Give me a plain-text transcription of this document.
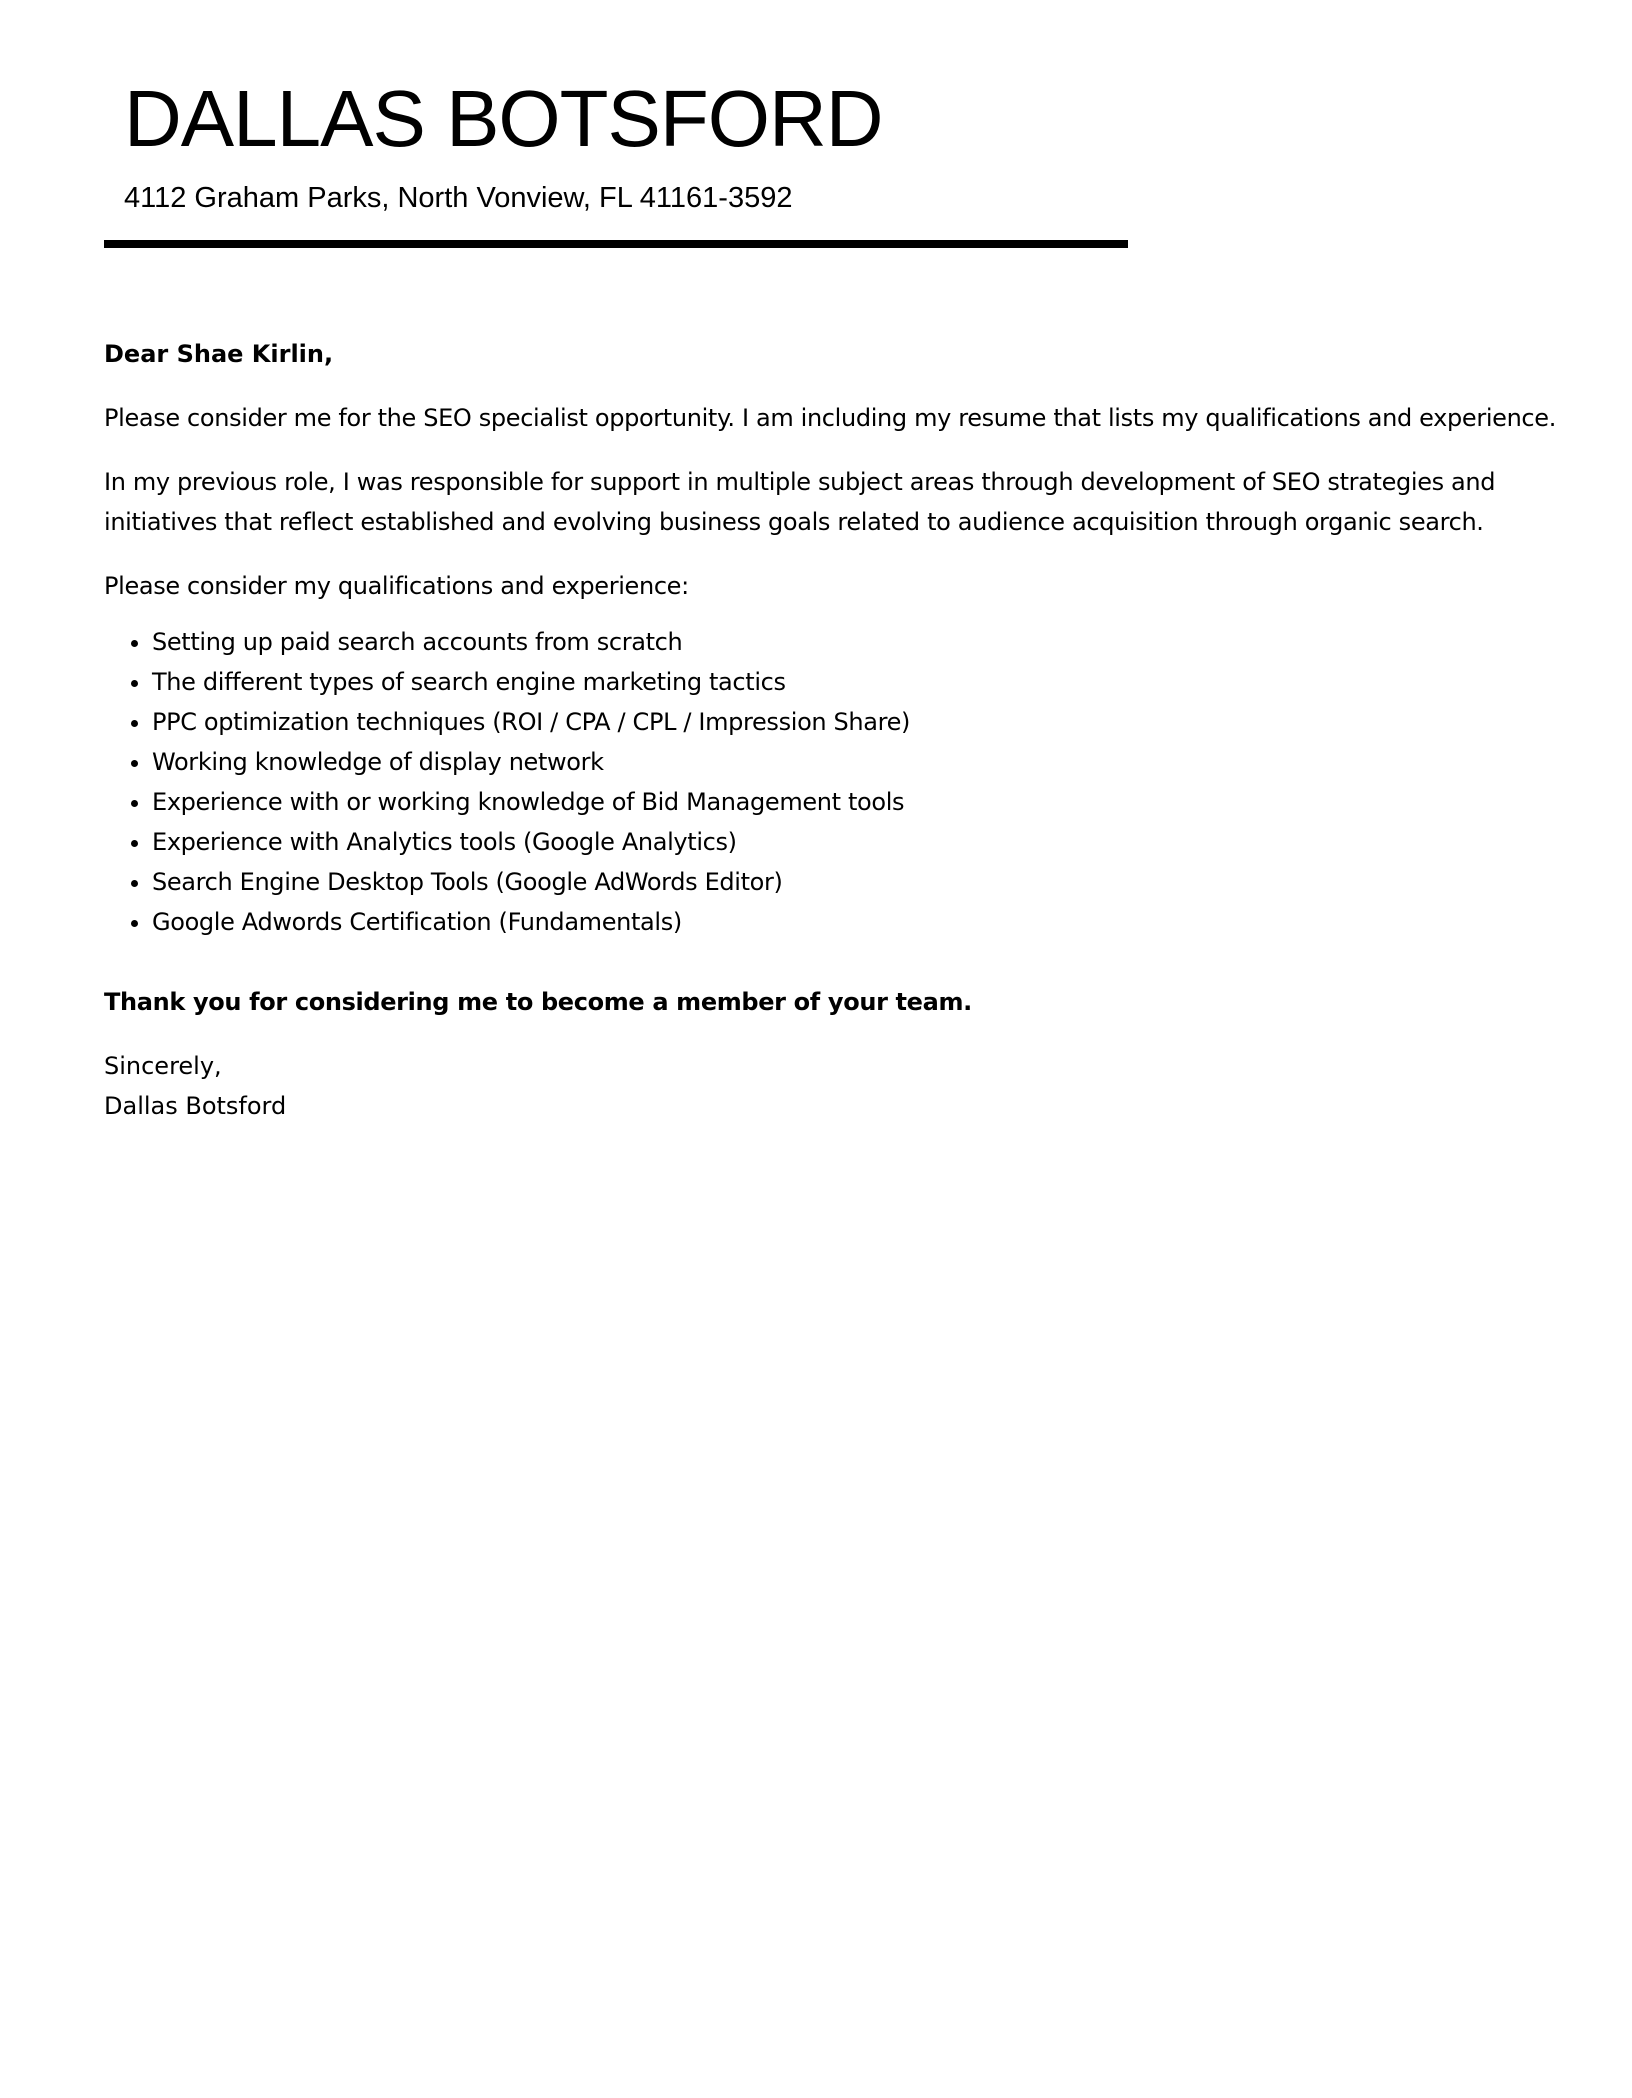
DALLAS BOTSFORD

4112 Graham Parks, North Vonview, FL 41161-3592

Dear Shae Kirlin,

Please consider me for the SEO specialist opportunity. I am including my resume that lists my qualifications and experience.

In my previous role, I was responsible for support in multiple subject areas through development of SEO strategies and initiatives that reflect established and evolving business goals related to audience acquisition through organic search.

Please consider my qualifications and experience:

• Setting up paid search accounts from scratch
• The different types of search engine marketing tactics
• PPC optimization techniques (ROI / CPA / CPL / Impression Share)
• Working knowledge of display network
• Experience with or working knowledge of Bid Management tools
• Experience with Analytics tools (Google Analytics)
• Search Engine Desktop Tools (Google AdWords Editor)
• Google Adwords Certification (Fundamentals)

Thank you for considering me to become a member of your team.

Sincerely,

Dallas Botsford
